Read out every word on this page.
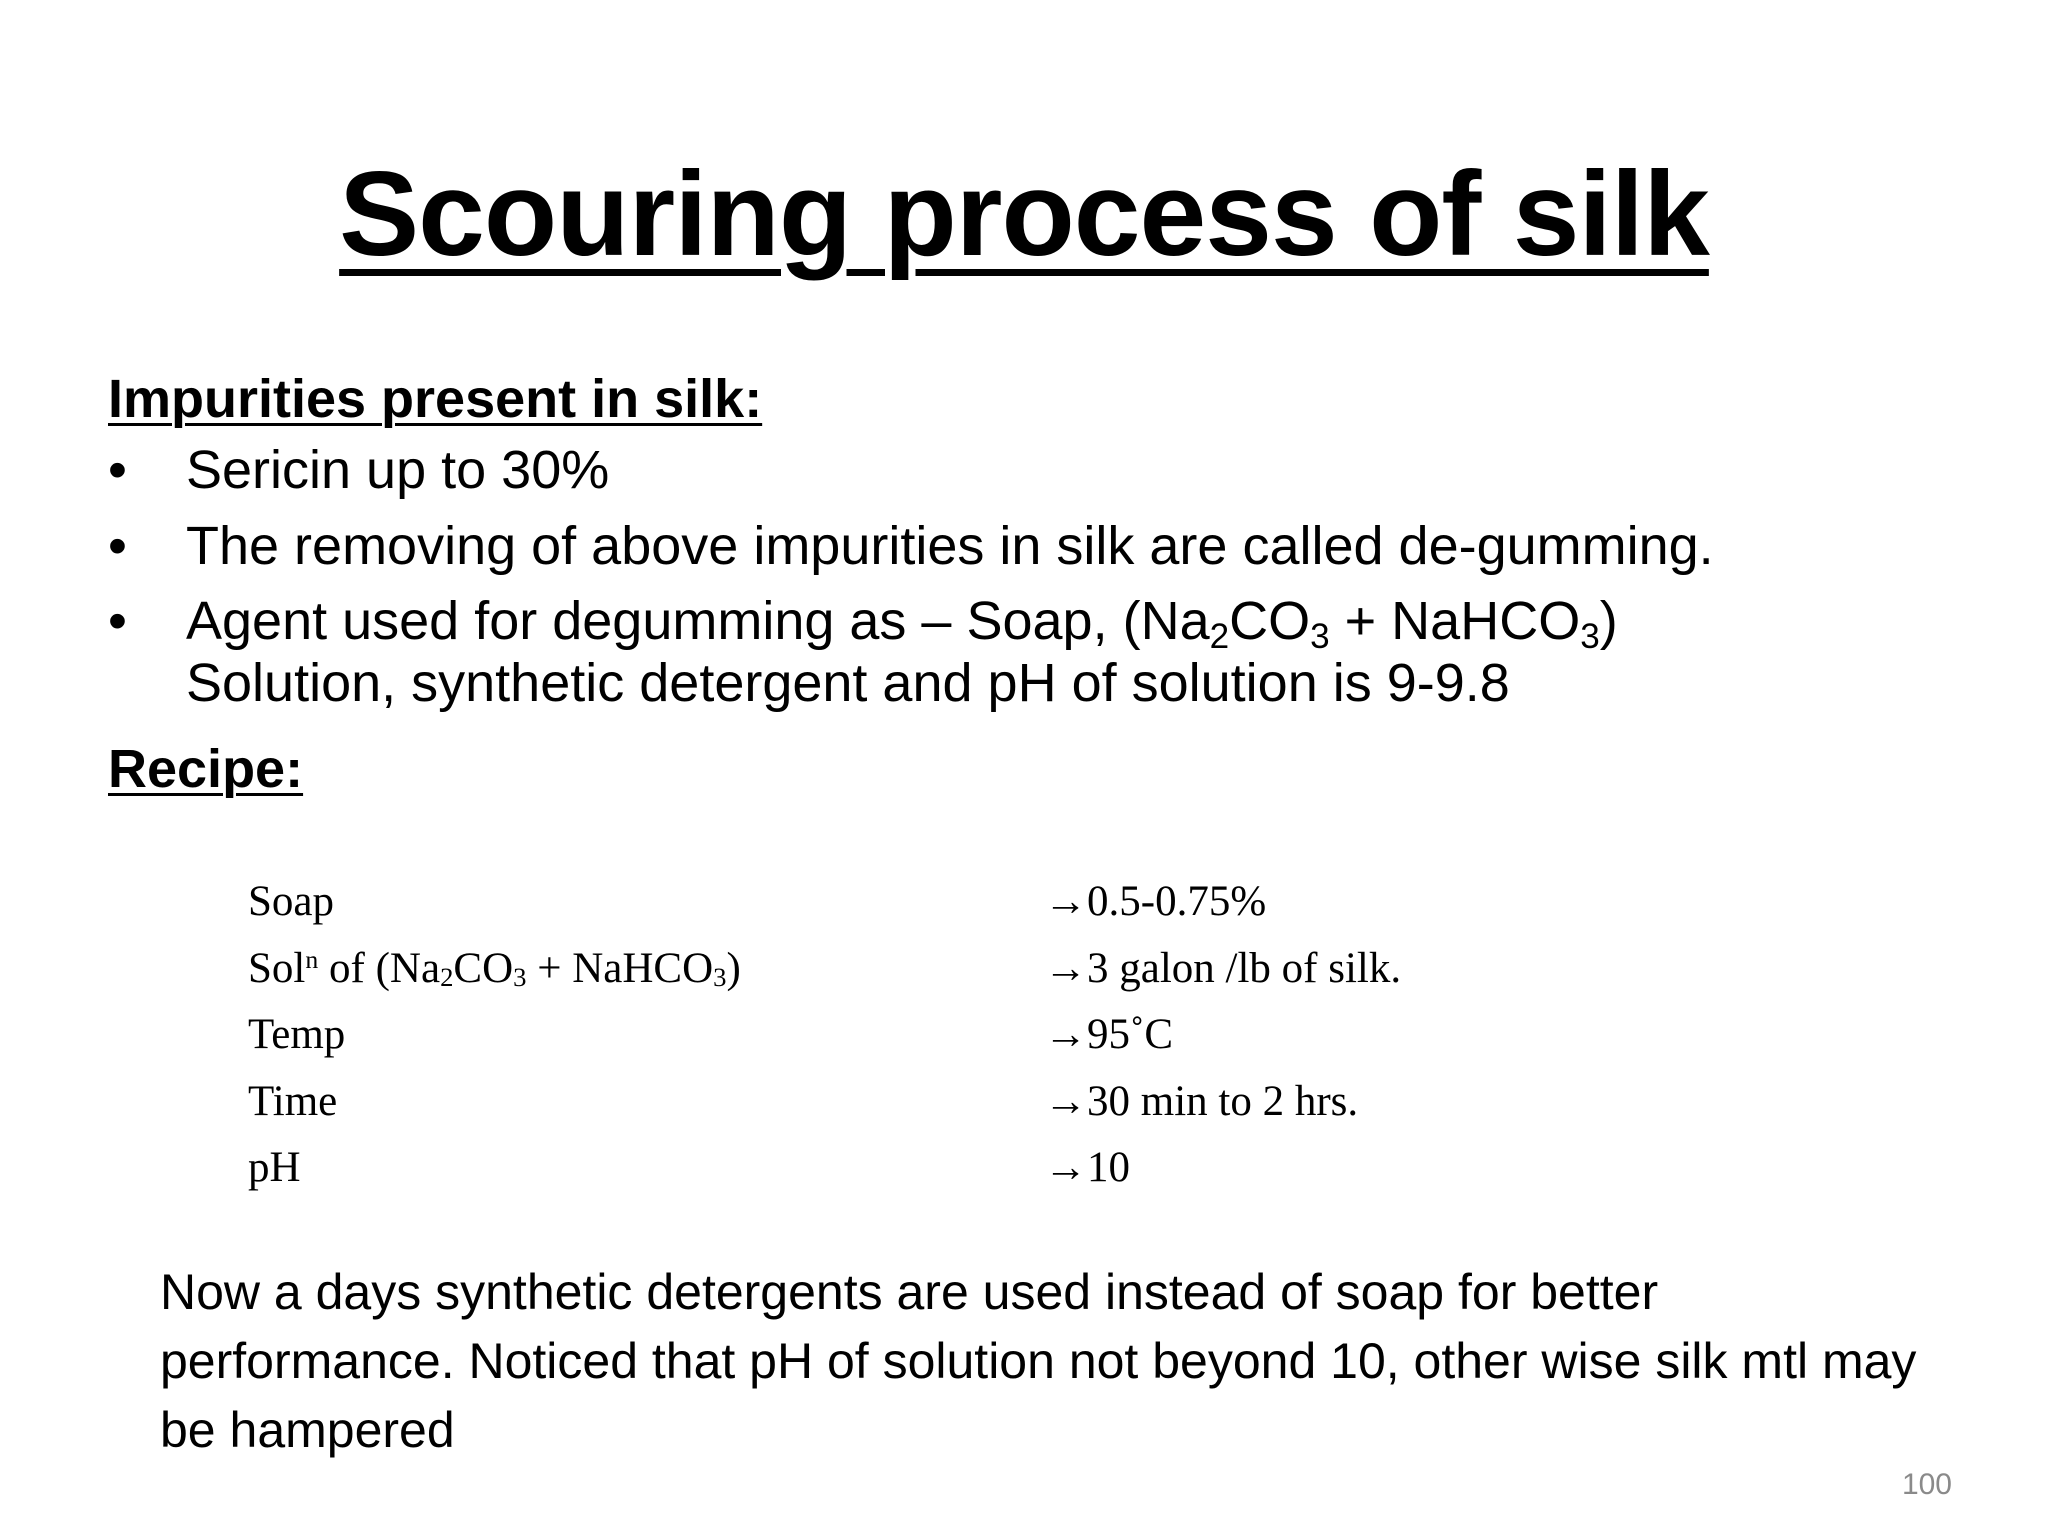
Scouring process of silk
Impurities present in silk:
• Sericin up to 30%
• The removing of above impurities in silk are called de-gumming.
• Agent used for degumming as – Soap, ($Na_2CO_3$ + NaHCO$_3$)
Solution, synthetic detergent and pH of solution is 9-9.8
Recipe:
Soap	→0.5-0.75%
Sol$^n$ of ($Na_2CO_3$ + NaHCO$_3$)	→3 galon /lb of silk.
Temp	→95˚C
Time	→30 min to 2 hrs.
pH	→10
Now a days synthetic detergents are used instead of soap for better performance. Noticed that pH of solution not beyond 10, other wise silk mtl may be hampered
100
